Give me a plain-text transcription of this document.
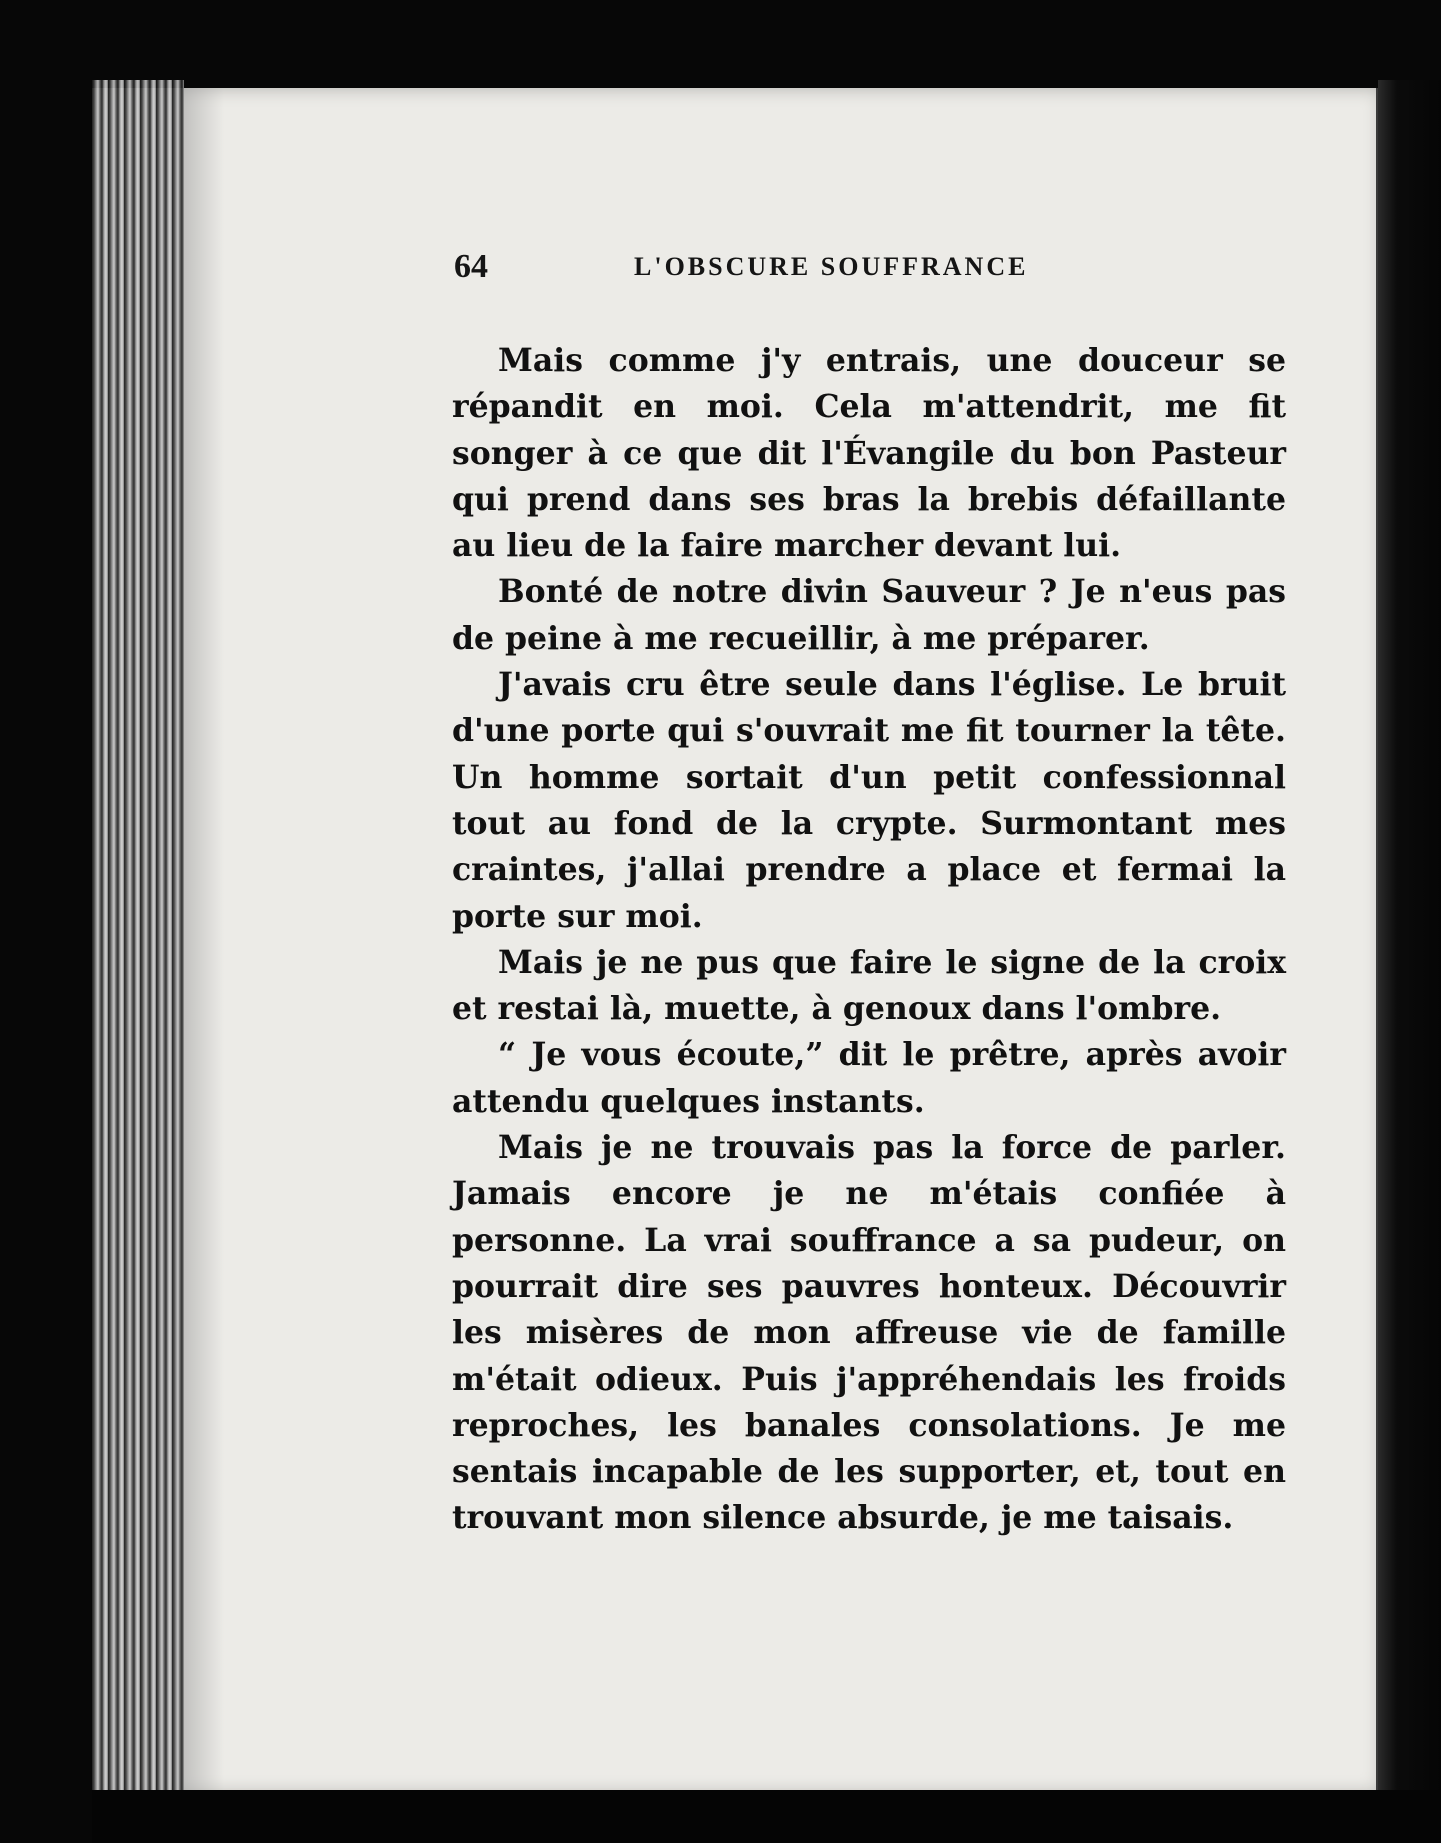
64	L'OBSCURE SOUFFRANCE

Mais comme j'y entrais, une douceur se répandit en moi. Cela m'attendrit, me fit songer à ce que dit l'Évangile du bon Pasteur qui prend dans ses bras la brebis défaillante au lieu de la faire marcher devant lui.

Bonté de notre divin Sauveur ? Je n'eus pas de peine à me recueillir, à me préparer.

J'avais cru être seule dans l'église. Le bruit d'une porte qui s'ouvrait me fit tourner la tête. Un homme sortait d'un petit confessionnal tout au fond de la crypte. Surmontant mes craintes, j'allai prendre a place et fermai la porte sur moi.

Mais je ne pus que faire le signe de la croix et restai là, muette, à genoux dans l'ombre.

“ Je vous écoute,” dit le prêtre, après avoir attendu quelques instants.

Mais je ne trouvais pas la force de parler. Jamais encore je ne m'étais confiée à personne. La vrai souffrance a sa pudeur, on pourrait dire ses pauvres honteux. Découvrir les misères de mon affreuse vie de famille m'était odieux. Puis j'appréhendais les froids reproches, les banales consolations. Je me sentais incapable de les supporter, et, tout en trouvant mon silence absurde, je me taisais.
